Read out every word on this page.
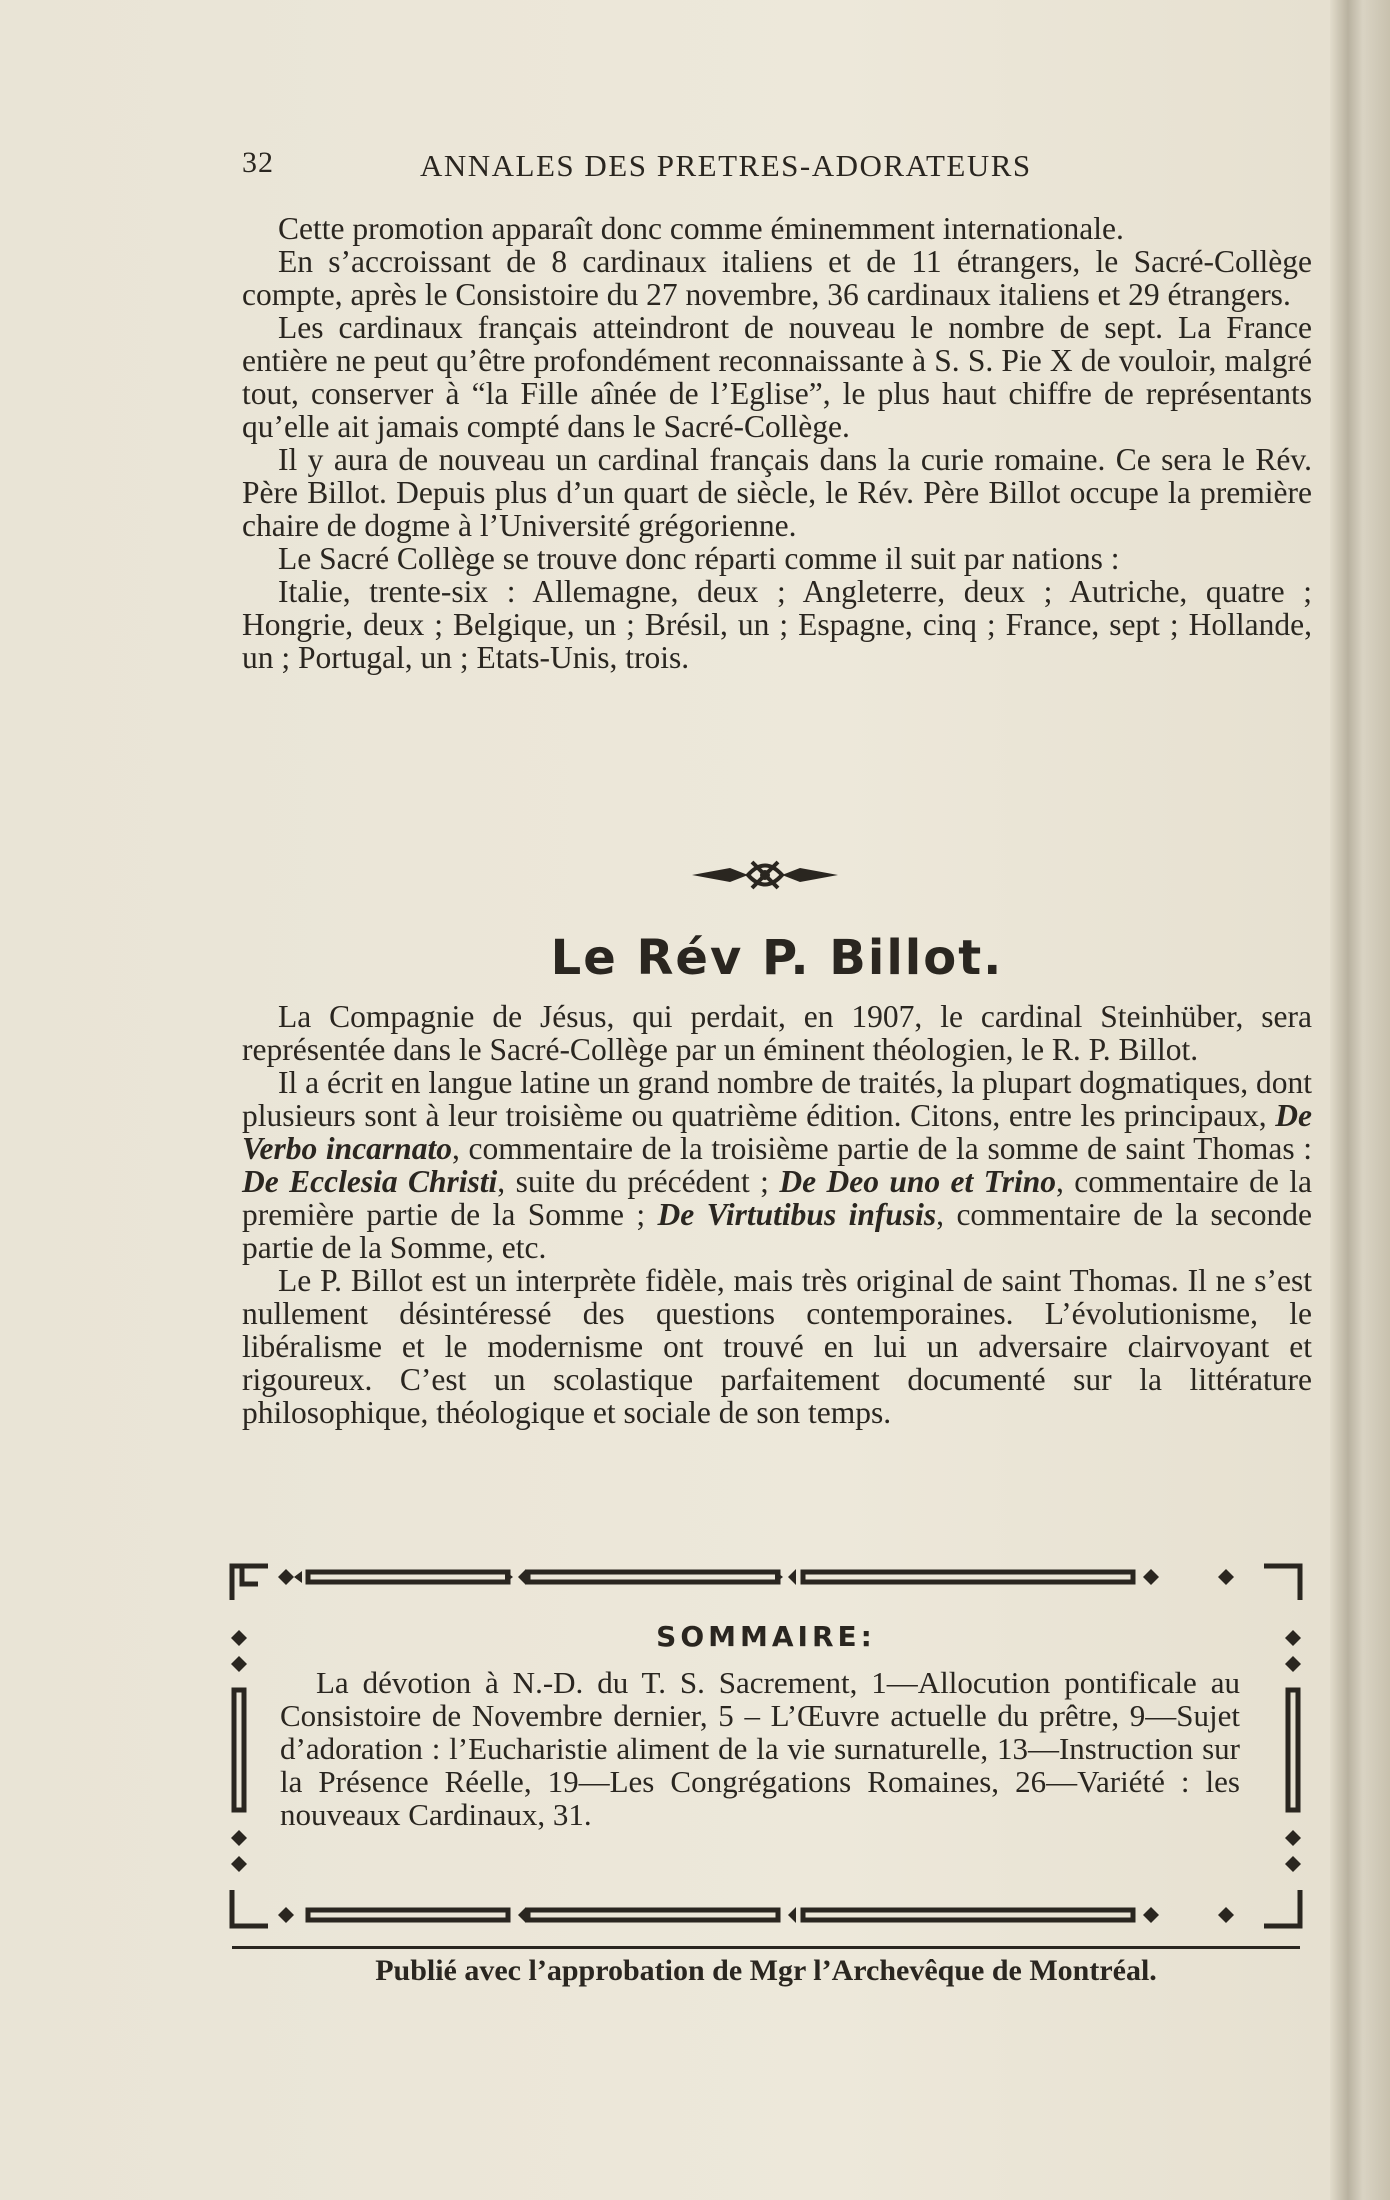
32	ANNALES DES PRETRES-ADORATEURS

Cette promotion apparaît donc comme éminemment internationale.

En s’accroissant de 8 cardinaux italiens et de 11 étrangers, le Sacré-Collège compte, après le Consistoire du 27 novembre, 36 cardinaux italiens et 29 étrangers.

Les cardinaux français atteindront de nouveau le nombre de sept. La France entière ne peut qu’être profondément reconnaissante à S. S. Pie X de vouloir, malgré tout, conserver à “la Fille aînée de l’Eglise”, le plus haut chiffre de représentants qu’elle ait jamais compté dans le Sacré-Collège.

Il y aura de nouveau un cardinal français dans la curie romaine. Ce sera le Rév. Père Billot. Depuis plus d’un quart de siècle, le Rév. Père Billot occupe la première chaire de dogme à l’Université grégorienne.

Le Sacré Collège se trouve donc réparti comme il suit par nations :

Italie, trente-six : Allemagne, deux ; Angleterre, deux ; Autriche, quatre ; Hongrie, deux ; Belgique, un ; Brésil, un ; Espagne, cinq ; France, sept ; Hollande, un ; Portugal, un ; Etats-Unis, trois.

Le Rév P. Billot.

La Compagnie de Jésus, qui perdait, en 1907, le cardinal Steinhüber, sera représentée dans le Sacré-Collège par un éminent théologien, le R. P. Billot.

Il a écrit en langue latine un grand nombre de traités, la plupart dogmatiques, dont plusieurs sont à leur troisième ou quatrième édition. Citons, entre les principaux, De Verbo incarnato, commentaire de la troisième partie de la somme de saint Thomas : De Ecclesia Christi, suite du précédent ; De Deo uno et Trino, commentaire de la première partie de la Somme ; De Virtutibus infusis, commentaire de la seconde partie de la Somme, etc.

Le P. Billot est un interprète fidèle, mais très original de saint Thomas. Il ne s’est nullement désintéressé des questions contemporaines. L’évolutionisme, le libéralisme et le modernisme ont trouvé en lui un adversaire clairvoyant et rigoureux. C’est un scolastique parfaitement documenté sur la littérature philosophique, théologique et sociale de son temps.

SOMMAIRE:

La dévotion à N.-D. du T. S. Sacrement, 1—Allocution pontificale au Consistoire de Novembre dernier, 5 – L’Œuvre actuelle du prêtre, 9—Sujet d’adoration : l’Eucharistie aliment de la vie surnaturelle, 13—Instruction sur la Présence Réelle, 19—Les Congrégations Romaines, 26—Variété : les nouveaux Cardinaux, 31.

Publié avec l’approbation de Mgr l’Archevêque de Montréal.
